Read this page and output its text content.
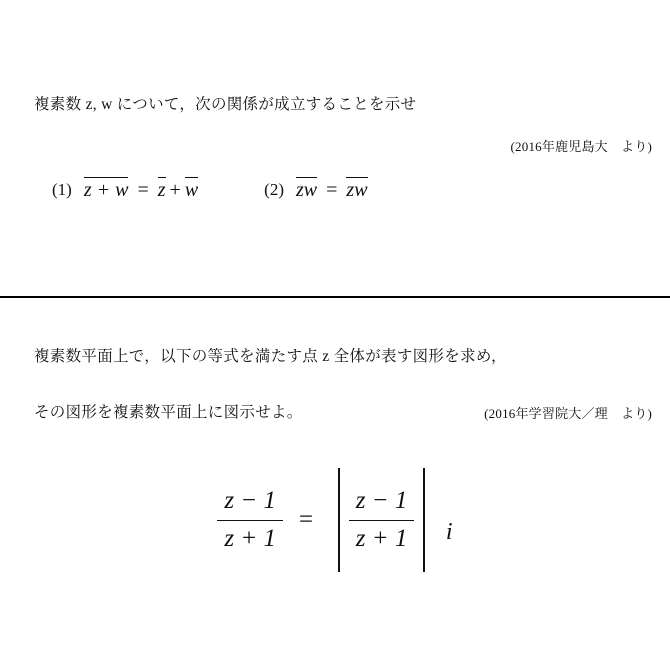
複素数 z, w について，次の関係が成立することを示せ
(2016年鹿児島大　より)
(1) z + w = z + w	(2) zw = z w
複素数平面上で，以下の等式を満たす点 z 全体が表す図形を求め，
その図形を複素数平面上に図示せよ。	(2016年学習院大／理　より)
$\frac{z - 1}{z + 1}$ =	$\frac{z - 1}{z + 1}$ i
